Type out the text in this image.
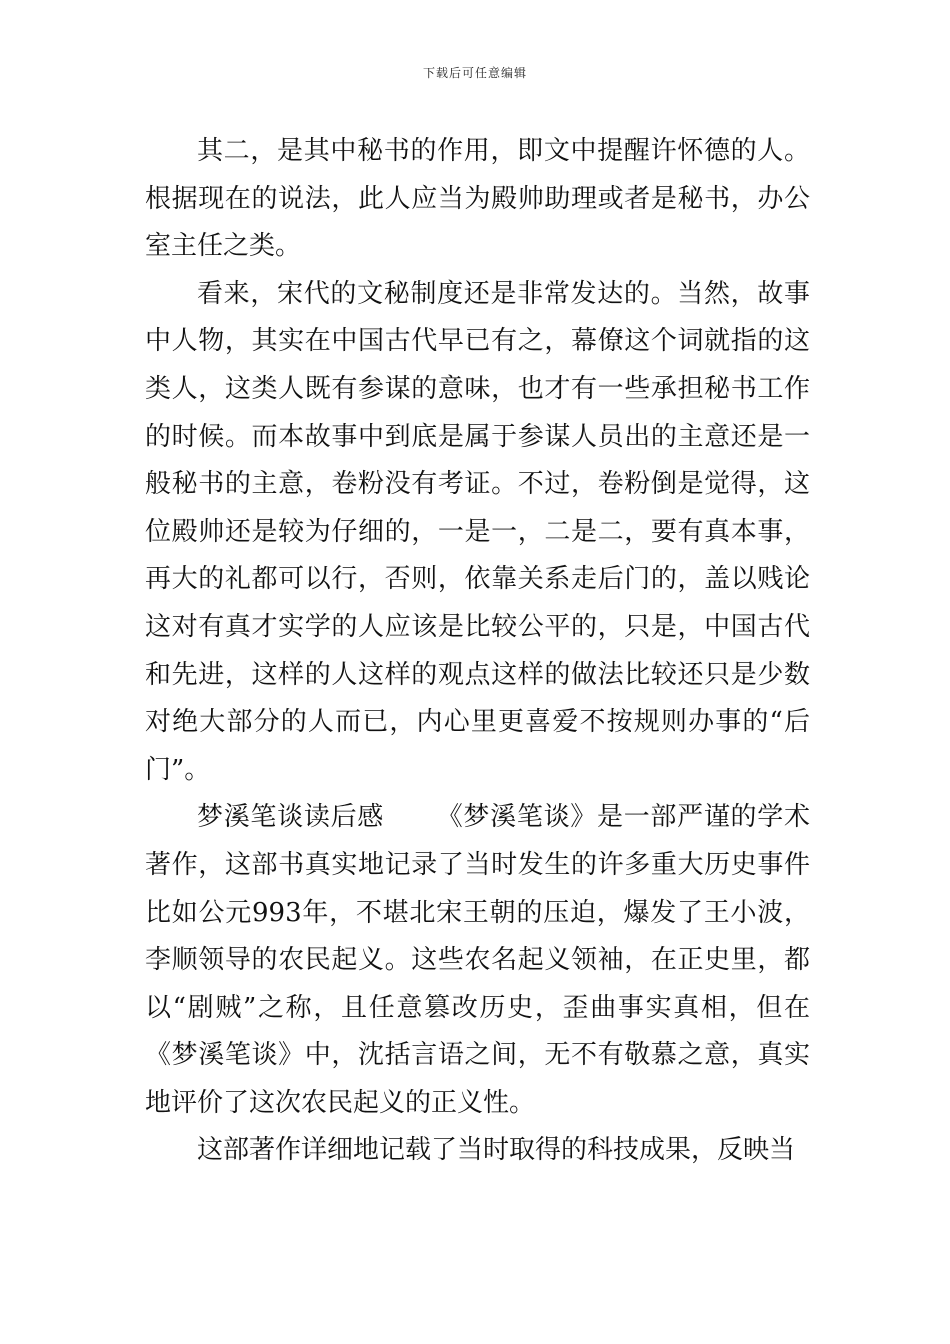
下载后可任意编辑

其二，是其中秘书的作用，即文中提醒许怀德的人。根据现在的说法，此人应当为殿帅助理或者是秘书，办公室主任之类。

看来，宋代的文秘制度还是非常发达的。当然，故事中人物，其实在中国古代早已有之，幕僚这个词就指的这类人，这类人既有参谋的意味，也才有一些承担秘书工作的时候。而本故事中到底是属于参谋人员出的主意还是一般秘书的主意，卷粉没有考证。不过，卷粉倒是觉得，这位殿帅还是较为仔细的，一是一，二是二，要有真本事，再大的礼都可以行，否则，依靠关系走后门的，盖以贱论这对有真才实学的人应该是比较公平的，只是，中国古代和先进，这样的人这样的观点这样的做法比较还只是少数对绝大部分的人而已，内心里更喜爱不按规则办事的“后门”。

梦溪笔谈读后感 《梦溪笔谈》是一部严谨的学术著作，这部书真实地记录了当时发生的许多重大历史事件比如公元993年，不堪北宋王朝的压迫，爆发了王小波，李顺领导的农民起义。这些农名起义领袖，在正史里，都以“剧贼”之称，且任意篡改历史，歪曲事实真相，但在《梦溪笔谈》中，沈括言语之间，无不有敬慕之意，真实地评价了这次农民起义的正义性。

这部著作详细地记载了当时取得的科技成果，反映当
